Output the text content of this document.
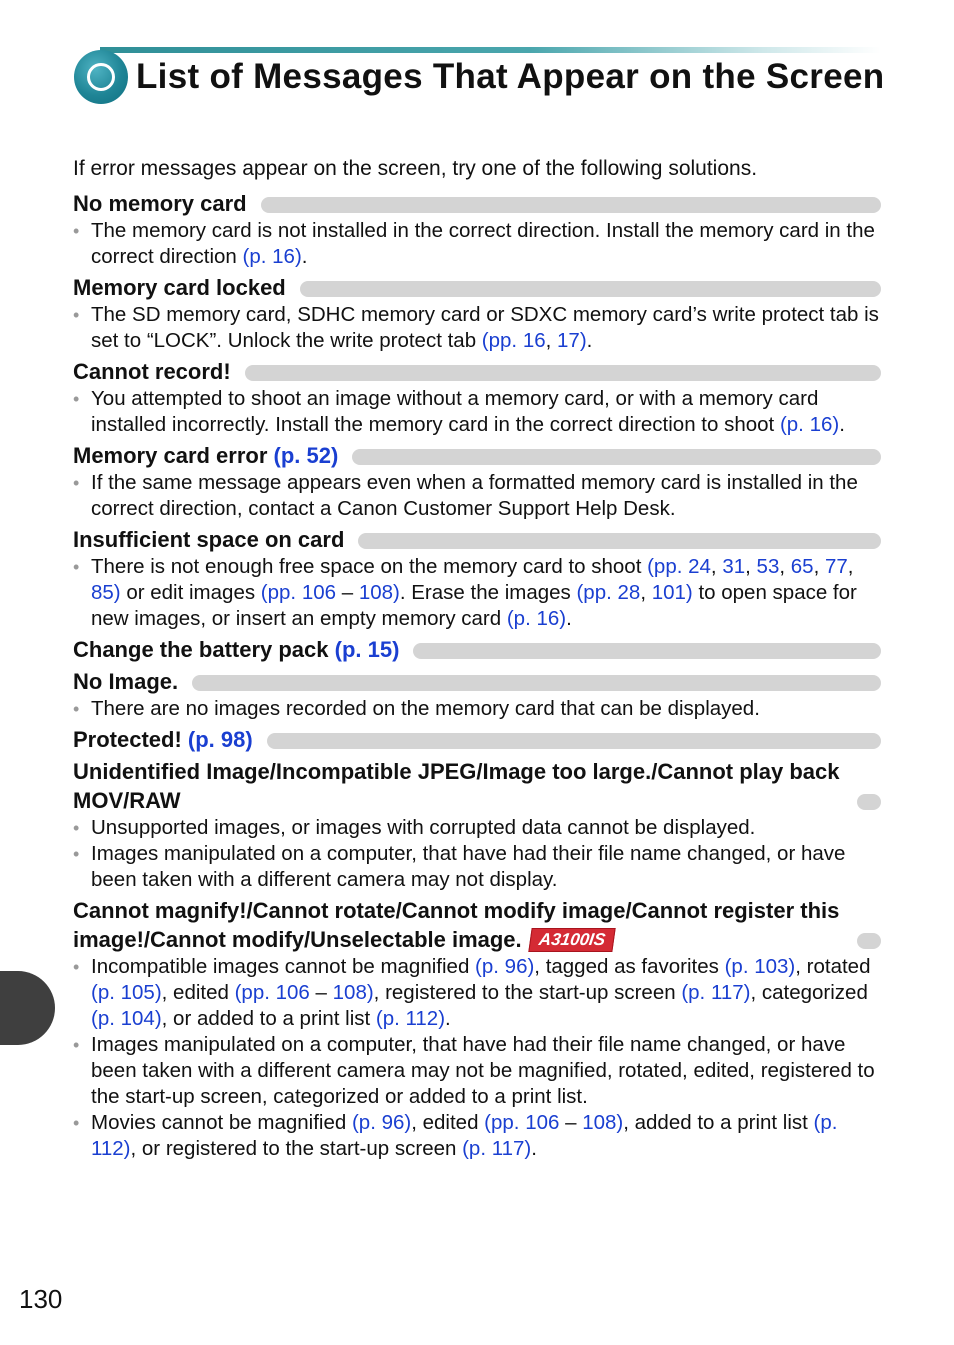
List of Messages That Appear on the Screen

If error messages appear on the screen, try one of the following solutions.

No memory card
• The memory card is not installed in the correct direction. Install the memory card in the correct direction (p. 16).
Memory card locked
• The SD memory card, SDHC memory card or SDXC memory card’s write protect tab is set to “LOCK”. Unlock the write protect tab (pp. 16, 17).
Cannot record!
• You attempted to shoot an image without a memory card, or with a memory card installed incorrectly. Install the memory card in the correct direction to shoot (p. 16).
Memory card error (p. 52)
• If the same message appears even when a formatted memory card is installed in the correct direction, contact a Canon Customer Support Help Desk.
Insufficient space on card
• There is not enough free space on the memory card to shoot (pp. 24, 31, 53, 65, 77, 85) or edit images (pp. 106 – 108). Erase the images (pp. 28, 101) to open space for new images, or insert an empty memory card (p. 16).
Change the battery pack (p. 15)
No Image.
• There are no images recorded on the memory card that can be displayed.
Protected! (p. 98)
Unidentified Image/Incompatible JPEG/Image too large./Cannot play back MOV/RAW
• Unsupported images, or images with corrupted data cannot be displayed.
• Images manipulated on a computer, that have had their file name changed, or have been taken with a different camera may not display.
Cannot magnify!/Cannot rotate/Cannot modify image/Cannot register this image!/Cannot modify/Unselectable image. A3100IS
• Incompatible images cannot be magnified (p. 96), tagged as favorites (p. 103), rotated (p. 105), edited (pp. 106 – 108), registered to the start-up screen (p. 117), categorized (p. 104), or added to a print list (p. 112).
• Images manipulated on a computer, that have had their file name changed, or have been taken with a different camera may not be magnified, rotated, edited, registered to the start-up screen, categorized or added to a print list.
• Movies cannot be magnified (p. 96), edited (pp. 106 – 108), added to a print list (p. 112), or registered to the start-up screen (p. 117).
130
